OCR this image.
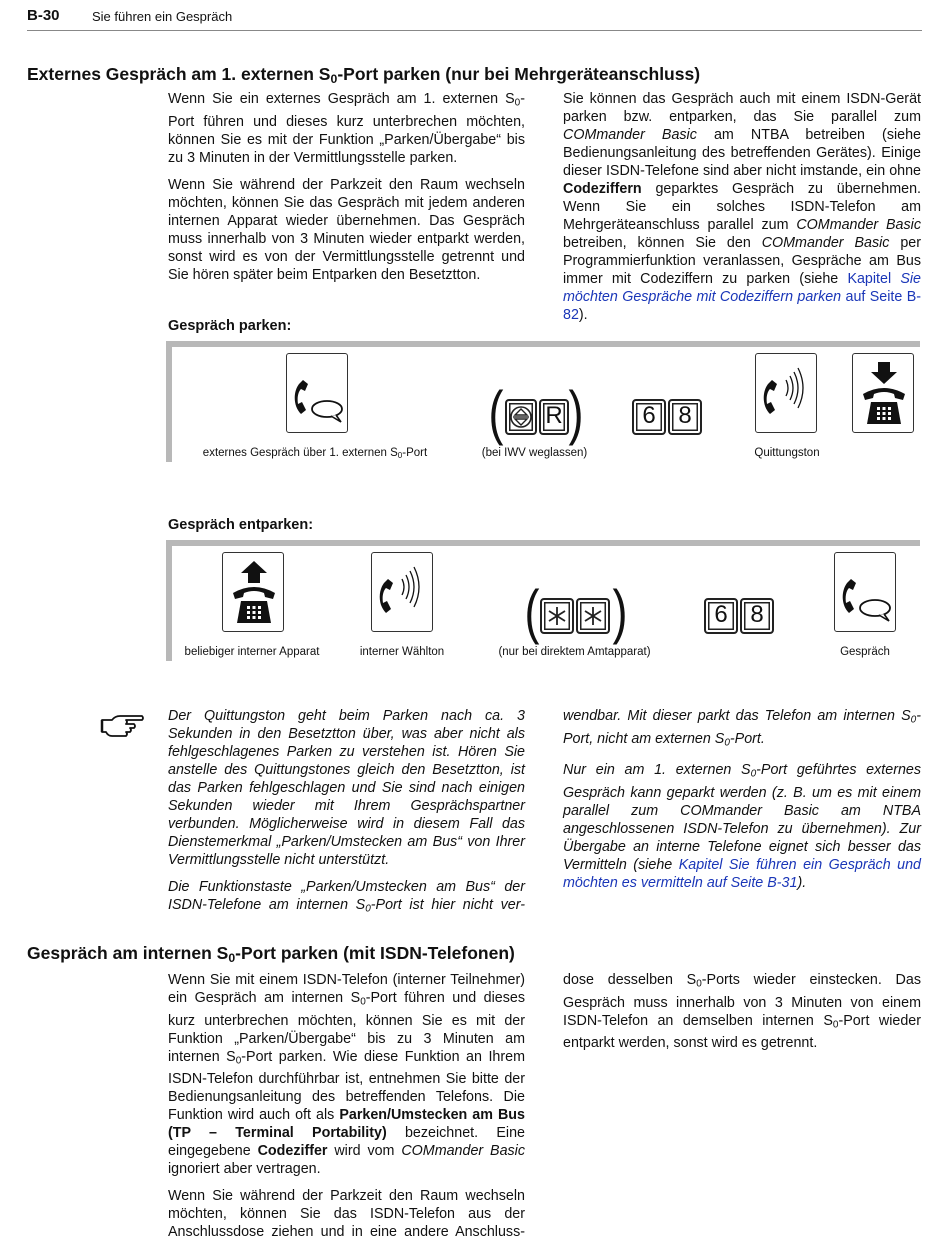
B-30 Sie führen ein Gespräch
Externes Gespräch am 1. externen $S_0$-Port parken (nur bei Mehrgeräteanschluss)

Wenn Sie ein externes Gespräch am 1. externen $S_0$-Port führen und dieses kurz unterbrechen möchten, können Sie es mit der Funktion „Parken/Übergabe“ bis zu 3 Minuten in der Vermittlungsstelle parken.

Wenn Sie während der Parkzeit den Raum wechseln möchten, können Sie das Gespräch mit jedem anderen internen Apparat wieder übernehmen. Das Gespräch muss innerhalb von 3 Minuten wieder entparkt werden, sonst wird es von der Vermittlungsstelle getrennt und Sie hören später beim Entparken den Besetztton.

Sie können das Gespräch auch mit einem ISDN-Gerät parken bzw. entparken, das Sie parallel zum COMmander Basic am NTBA betreiben (siehe Bedienungsanleitung des betreffenden Gerätes). Einige dieser ISDN-Telefone sind aber nicht imstande, ein ohne Codeziffern geparktes Gespräch zu übernehmen. Wenn Sie ein solches ISDN-Telefon am Mehrgeräteanschluss parallel zum COMmander Basic betreiben, können Sie den COMmander Basic per Programmierfunktion veranlassen, Gespräche am Bus immer mit Codeziffern zu parken (siehe Kapitel Sie möchten Gespräche mit Codeziffern parken auf Seite B-82).

Gespräch parken:
externes Gespräch über 1. externen $S_0$-Port
( R )
(bei IWV weglassen)
6 8
Quittungston
Gespräch entparken:
beliebiger interner Apparat	interner Wählton
( )
(nur bei direktem Amtapparat)
6 8
Gespräch

Der Quittungston geht beim Parken nach ca. 3 Sekunden in den Besetztton über, was aber nicht als fehlgeschlagenes Parken zu verstehen ist. Hören Sie anstelle des Quittungstones gleich den Besetztton, ist das Parken fehlgeschlagen und Sie sind nach einigen Sekunden wieder mit Ihrem Gesprächspartner verbunden. Möglicherweise wird in diesem Fall das Dienstemerkmal „Parken/Umstecken am Bus“ von Ihrer Vermittlungsstelle nicht unterstützt.

Die Funktionstaste „Parken/Umstecken am Bus“ der ISDN-Telefone am internen $S_0$-Port ist hier nicht ver-

wendbar. Mit dieser parkt das Telefon am internen $S_0$-Port, nicht am externen $S_0$-Port.

Nur ein am 1. externen $S_0$-Port geführtes externes Gespräch kann geparkt werden (z. B. um es mit einem parallel zum COMmander Basic am NTBA angeschlossenen ISDN-Telefon zu übernehmen). Zur Übergabe an interne Telefone eignet sich besser das Vermitteln (siehe Kapitel Sie führen ein Gespräch und möchten es vermitteln auf Seite B-31).

Gespräch am internen $S_0$-Port parken (mit ISDN-Telefonen)

Wenn Sie mit einem ISDN-Telefon (interner Teilnehmer) ein Gespräch am internen $S_0$-Port führen und dieses kurz unterbrechen möchten, können Sie es mit der Funktion „Parken/Übergabe“ bis zu 3 Minuten am internen $S_0$-Port parken. Wie diese Funktion an Ihrem ISDN-Telefon durchführbar ist, entnehmen Sie bitte der Bedienungsanleitung des betreffenden Telefons. Die Funktion wird auch oft als Parken/Umstecken am Bus (TP – Terminal Portability) bezeichnet. Eine eingegebene Codeziffer wird vom COMmander Basic ignoriert aber vertragen.

Wenn Sie während der Parkzeit den Raum wechseln möchten, können Sie das ISDN-Telefon aus der Anschlussdose ziehen und in eine andere Anschluss-

dose desselben $S_0$-Ports wieder einstecken. Das Gespräch muss innerhalb von 3 Minuten von einem ISDN-Telefon an demselben internen $S_0$-Port wieder entparkt werden, sonst wird es getrennt.
